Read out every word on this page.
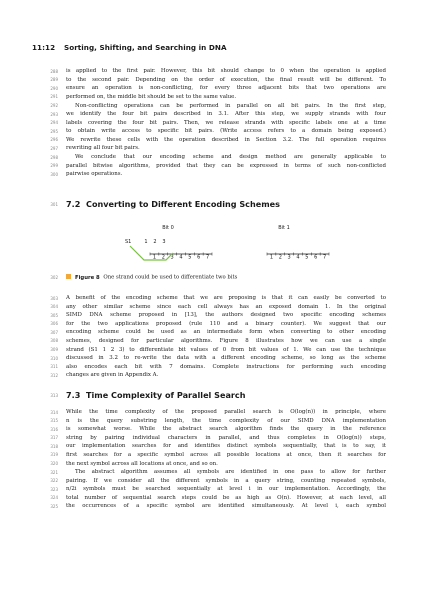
11:12 Sorting, Shifting, and Searching in DNA
288 is applied to the first pair. However, this bit should change to 0 when the operation is applied
289 to the second pair. Depending on the order of execution, the final result will be different. To
290 ensure an operation is non-conflicting, for every three adjacent bits that two operations are
291 performed on, the middle bit should be set to the same value.
292	Non-conflicting operations can be performed in parallel on all bit pairs. In the first step,
293 we identify the four bit pairs described in 3.1. After this step, we supply strands with four
294 labels covering the four bit pairs. Then, we release strands with specific labels one at a time
295 to obtain write access to specific bit pairs. (Write access refers to a domain being exposed.)
296 We rewrite these cells with the operation described in Section 3.2. The full operation requires
297 rewriting all four bit pairs.
298	We conclude that our encoding scheme and design method are generally applicable to
299 parallel bitwise algorithms, provided that they can be expressed in terms of such non-conflicted
300 pairwise operations.
301 7.2 Converting to Different Encoding Schemes
Bit 0	Bit 1
S1	1 2 3
1 2 3 4 5 6 7	1 2 3 4 5 6 7
302	Figure 8 One strand could be used to differentiate two bits
303 A benefit of the encoding scheme that we are proposing is that it can easily be converted to
304 any other similar scheme since each cell always has an exposed domain 1. In the original
305 SIMD DNA scheme proposed in [13], the authors designed two specific encoding schemes
306 for the two applications proposed (rule 110 and a binary counter). We suggest that our
307 encoding scheme could be used as an intermediate form when converting to other encoding
308 schemes, designed for particular algorithms. Figure 8 illustrates how we can use a single
309 strand (S1 1 2 3) to differentiate bit values of 0 from bit values of 1. We can use the technique
310 discussed in 3.2 to re-write the data with a different encoding scheme, so long as the scheme
311 also encodes each bit with 7 domains. Complete instructions for performing such encoding
312 changes are given in Appendix A.
313 7.3 Time Complexity of Parallel Search
314 While the time complexity of the proposed parallel search is O(log(n)) in principle, where
315 n is the query substring length, the time complexity of our SIMD DNA implementation
316 is somewhat worse. While the abstract search algorithm finds the query in the reference
317 string by pairing individual characters in parallel, and thus completes in O(log(n)) steps,
318 our implementation searches for and identifies distinct symbols sequentially, that is to say, it
319 first searches for a specific symbol across all possible locations at once, then it searches for
320 the next symbol across all locations at once, and so on.
321	The abstract algorithm assumes all symbols are identified in one pass to allow for further
322 pairing. If we consider all the different symbols in a query string, counting repeated symbols,
323 n/2i symbols must be searched sequentially at level i in our implementation. Accordingly, the
324 total number of sequential search steps could be as high as O(n). However, at each level, all
325 the occurrences of a specific symbol are identified simultaneously. At level i, each symbol
